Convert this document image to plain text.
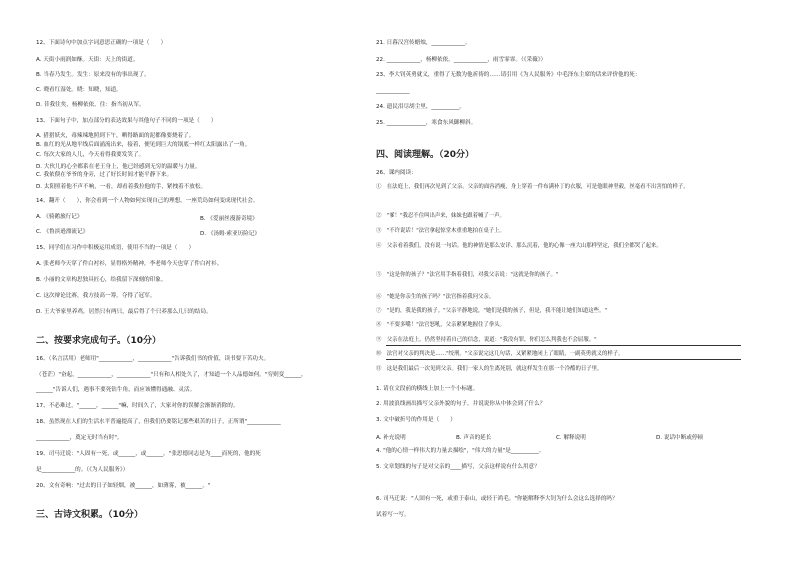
12、下面诗句中加点字词意思正确的一项是（　　）
A. 天街小雨润如酥。天街：天上的街道。
B. 当春乃发生。发生：原来没有的事出现了。
C. 晓看红湿处。晓：知晓，知道。
D. 昔我往矣，杨柳依依。往：指当初从军。
13、下面句子中，加点部分的表达效果与其他句子不同的一项是（　　）
A. 猎猎妖火，毒辣辣地照到下午，晒得路面的泥都像要烧着了。
B. 血红的光从地平线后面涌流出来，接着，便见到巨大的锅底一样红太阳露出了一角。
C. 每次大家的人儿，今天看得我要发笑了。
D. 大伙儿的心全都系在老王身上，他已经感到无穷的温暖与力量。
C. 我依偎在爷爷的身旁，过了好长时间才能平静下来。
D. 太阳照着他不声不响，一看，却看着我拉他的手，紧拽着不放松。
14、翻开（　　），你会看到一个人物如何实现自己的理想，一座荒岛如何变成现代社会。
A. 《骑鹅旅行记》	B. 《爱丽丝漫游奇境》
C. 《鲁滨逊漂流记》	D. 《汤姆·索亚历险记》
15、同学们在习作中积极运用成语，使用不当的一项是（　　）
A. 张老师今天穿了件白衬衫，显得格外精神，李老师今天也穿了件白衬衫。
B. 小丽的文章构思独具匠心，给我留下深刻的印象。
C. 这次辩论比赛，我方技高一筹，夺得了冠军。
D. 王大爷家里养鸡，居然只有两只，最后得了个只养那么几只的结局。
二、按要求完成句子。（10分）
16、（名言活用）老师用"____________，____________"告诉我们书的价值，读书要下苦功夫。
（苍茫）"奋起，____________，____________"只有和人相处久了，才知道一个人品德如何。"穷则变______，
______"告诉人们，遇事不要死钻牛角，而应该懂得通融、灵活。
17、不必难过，"______，______"嘛，时间久了，大家对你的误解会渐渐消除的。
18、虽然现在人们的生活水平普遍提高了，但我们仍要铭记那些艰苦的日子，正所谓"____________
____________，奠定无时当有时"。
19、司马迁说："人固有一死，或______，或______。"张思德同志是为____而死的，他的死
是____________的。（《为人民服务》）
20、文有奇响："过去的日子如轻烟，被______，如薄雾，被______。"
三、古诗文积累。（10分）
21. 日暮汉宫传蜡烛，____________。
22. ____________，杨柳依依。____________，雨雪霏霏。（《采薇》）
23、李大钊英勇就义，重得了无数为他祈祷的……请引用《为人民服务》中毛泽东主席的话来评价他的死：
____________
24. 遗民泪尽胡尘里，__________。
25. ______________，寒食东风御柳斜。
四、阅读理解。（20分）
26、课内阅读：
①　在法庭上，我们再次见到了父亲。父亲的面容消瘦，身上穿着一件布满补丁的衣服，可是他眼神坚毅，丝毫看不出害怕的样子。
②　"爹！"我忍不住叫出声来，妹妹也跟着喊了一声。
③　"不许说话！"法官拿起惊堂木重重地拍在桌子上。
④　父亲看着我们，没有说一句话。他的神情是那么安详、那么沉着，他的心像一座大山那样坚定，我们全都哭了起来。
⑤　"这是你的孩子？"法官用手指着我们，对我父亲说："这就是你的孩子。"
⑥　"她是你亲生的孩子吗？"法官指着我问父亲。
⑦　"是的，我是我的孩子。"父亲平静地说，"她们是我的孩子，但是，我不能让她们知道这些。"
⑧　"不要多嘴！"法官怒吼，父亲紧紧地握住了拳头。
⑨　父亲在法庭上，仍然坚持着自己的信念，说道："我没有罪，你们怎么判我也不会屈服。"
⑩　法官对父亲的判决是……"绞刑。"父亲说完这几句话，又紧紧地闭上了眼睛，一副英勇就义的样子。
⑪　这是我们最后一次见到父亲。我们一家人的生离死别，就这样发生在那一个冷酷的日子里。
1. 请在文段前的横线上加上一个小标题。
2. 用波浪线画出描写父亲外貌的句子，并说说你从中体会到了什么？
3. 文中破折号的作用是（　　）
A. 补充说明	B. 声音的延长	C. 解释说明	D. 说话中断或停顿
4. "他的心情一样伟大的力量去描绘"，"伟大的力量"是__________。
5. 文章划线的句子是对父亲的____描写，父亲这样说有什么用意？
6. 司马迁说："人固有一死，或重于泰山，或轻于鸿毛。"你能解释李大钊为什么会这么选择的吗？
试着写一写。
